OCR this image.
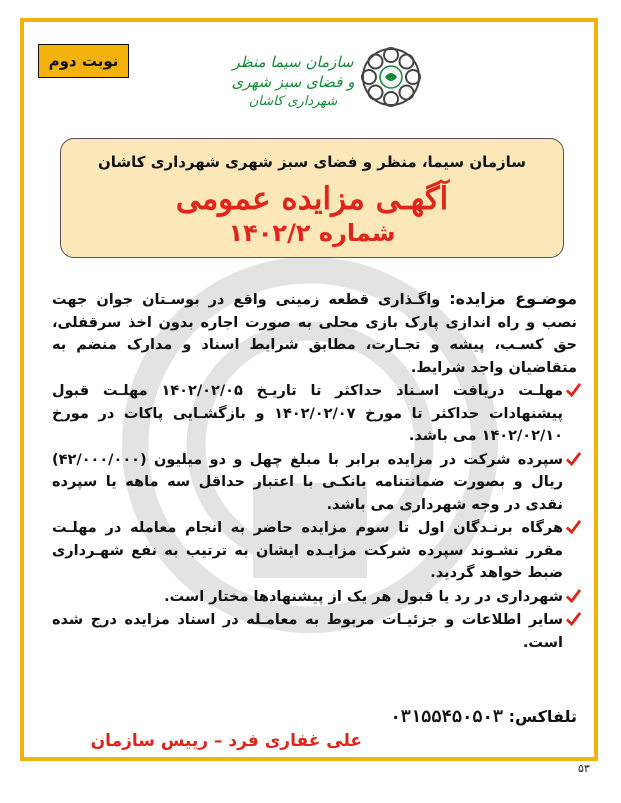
نوبت دوم	سازمان سیما منظر و فضای سبز شهری
شهرداری کاشان
سازمان سیما، منظر و فضای سبز شهری شهرداری کاشان
آگهـی مزایده عمومی
شماره ۱۴۰۲/۲

موضـوع مزایده: واگـذاری قطعه زمینی واقع در بوسـتان جوان جهت نصب و راه اندازی پارک بازی محلی به صورت اجاره بدون اخذ سرقفلی، حق کسـب، پیشه و تجـارت، مطابق شرایط اسناد و مدارک منضم به متقاضیان واجد شرایط.

مهلـت دریافت اسـناد حداکثر تا تاریـخ ۱۴۰۲/۰۲/۰۵ مهلـت قبول پیشنهادات حداکثر تا مورخ ۱۴۰۲/۰۲/۰۷ و بازگشـایی پاکات در مورخ ۱۴۰۲/۰۲/۱۰ می باشد.

سپرده شرکت در مزایده برابر با مبلغ چهل و دو میلیون (۴۲/۰۰۰/۰۰۰) ریال و بصورت ضمانتنامه بانکـی با اعتبار حداقل سه ماهه یا سپرده نقدی در وجه شهرداری می باشد.

هرگاه برنـدگان اول تا سوم مزایده حاضر به انجام معامله در مهلـت مقرر نشـوند سپرده شرکت مزایـده ایشان به ترتیب به نفع شهـرداری ضبط خواهد گردید.

شهرداری در رد یا قبول هر یک از پیشنهادها مختار است.

سایر اطلاعات و جزئیـات مربوط به معامـله در اسناد مزایده درج شده است.

تلفاکس: ۰۳۱۵۵۴۵۰۵۰۳
علی غفاری فرد – رییس سازمان
۵۳
